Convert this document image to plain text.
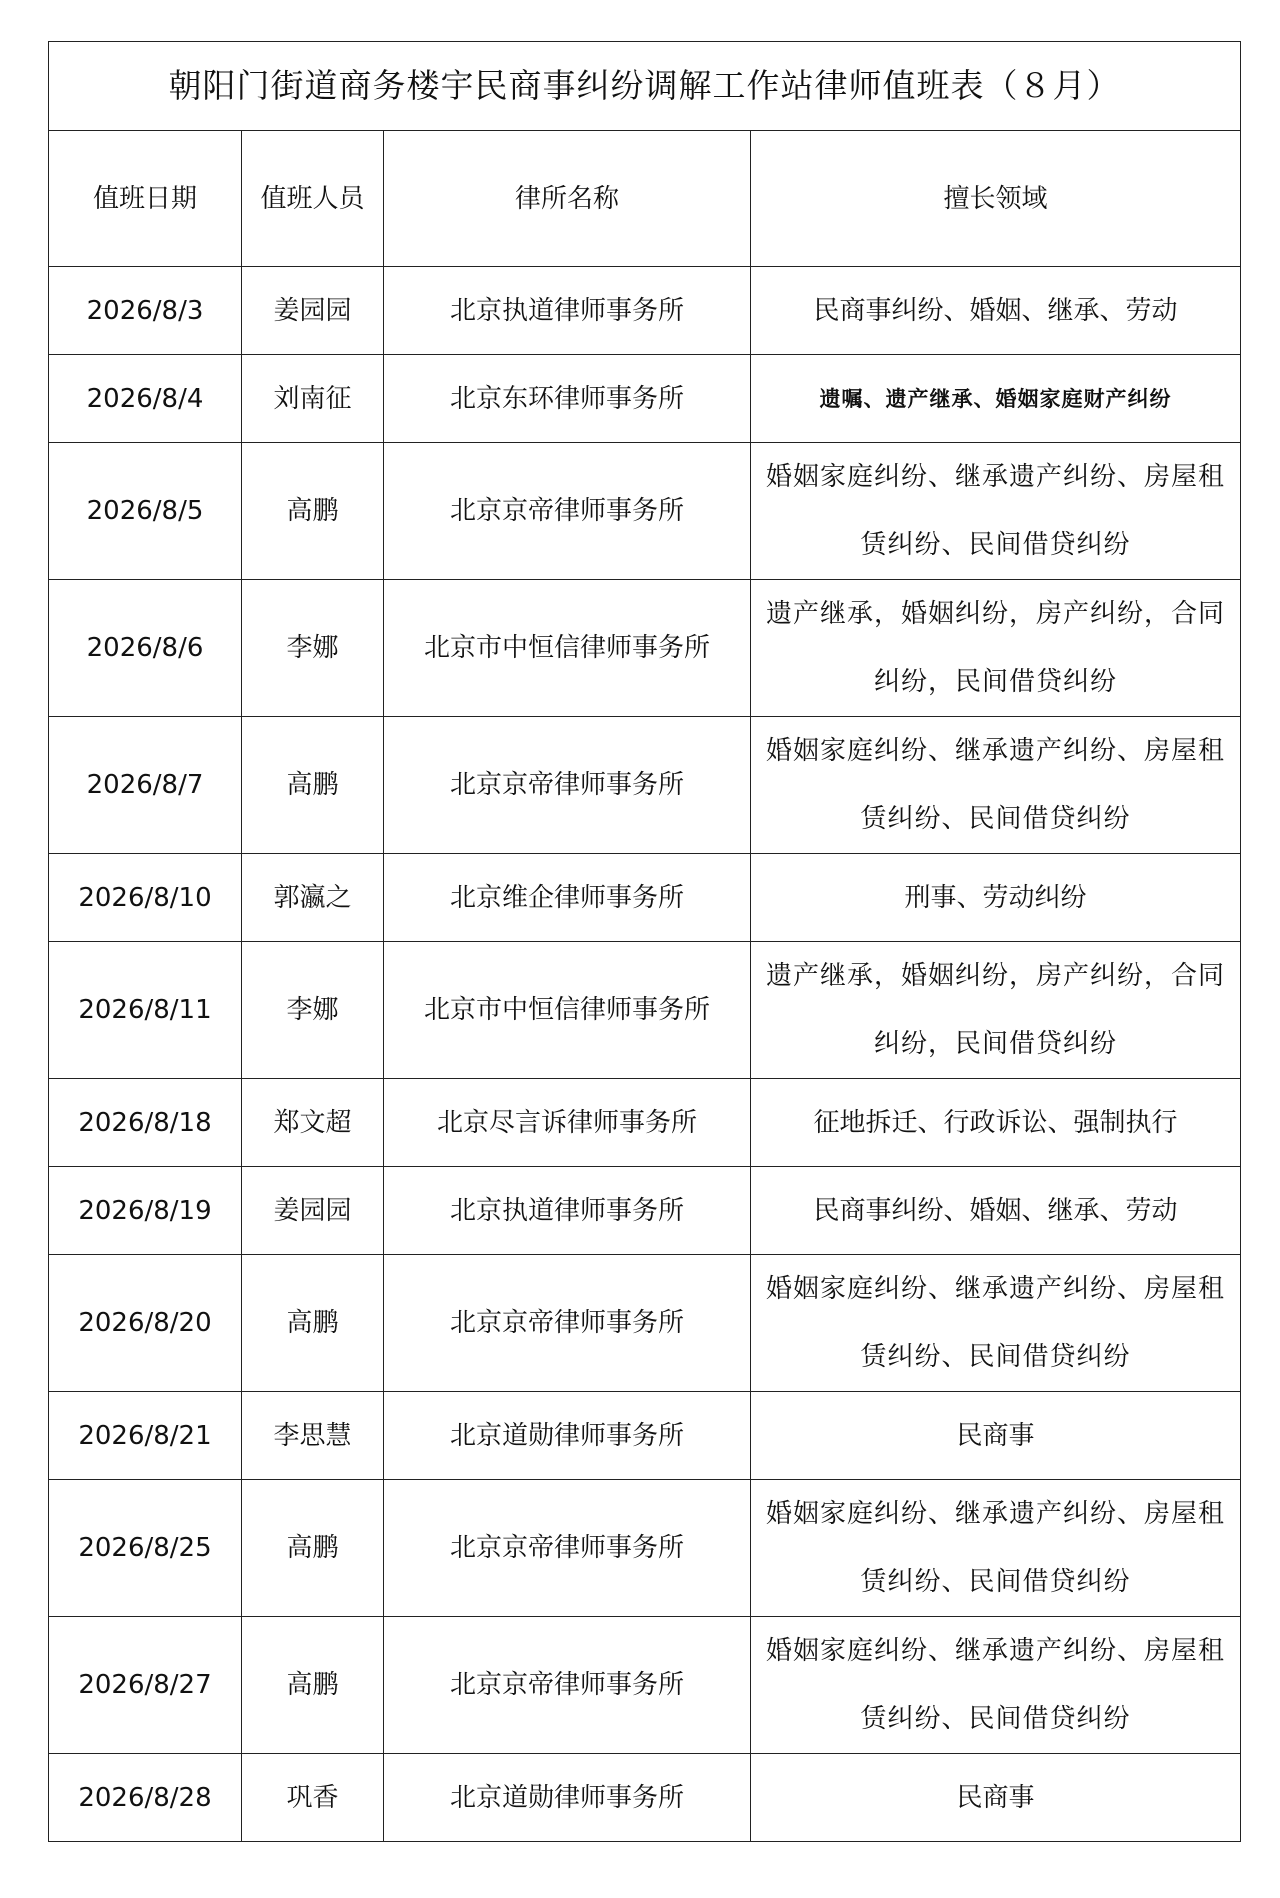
朝阳门街道商务楼宇民商事纠纷调解工作站律师值班表（８月）			
值班日期	值班人员	律所名称	擅长领域
2026/8/3	姜园园	北京执道律师事务所	民商事纠纷、婚姻、继承、劳动
2026/8/4	刘南征	北京东环律师事务所	遗嘱、遗产继承、婚姻家庭财产纠纷
2026/8/5	高鹏	北京京帝律师事务所	婚姻家庭纠纷、继承遗产纠纷、房屋租赁纠纷、民间借贷纠纷
2026/8/6	李娜	北京市中恒信律师事务所	遗产继承，婚姻纠纷，房产纠纷，合同纠纷，民间借贷纠纷
2026/8/7	高鹏	北京京帝律师事务所	婚姻家庭纠纷、继承遗产纠纷、房屋租赁纠纷、民间借贷纠纷
2026/8/10	郭瀛之	北京维企律师事务所	刑事、劳动纠纷
2026/8/11	李娜	北京市中恒信律师事务所	遗产继承，婚姻纠纷，房产纠纷，合同纠纷，民间借贷纠纷
2026/8/18	郑文超	北京尽言诉律师事务所	征地拆迁、行政诉讼、强制执行
2026/8/19	姜园园	北京执道律师事务所	民商事纠纷、婚姻、继承、劳动
2026/8/20	高鹏	北京京帝律师事务所	婚姻家庭纠纷、继承遗产纠纷、房屋租赁纠纷、民间借贷纠纷
2026/8/21	李思慧	北京道勋律师事务所	民商事
2026/8/25	高鹏	北京京帝律师事务所	婚姻家庭纠纷、继承遗产纠纷、房屋租赁纠纷、民间借贷纠纷
2026/8/27	高鹏	北京京帝律师事务所	婚姻家庭纠纷、继承遗产纠纷、房屋租赁纠纷、民间借贷纠纷
2026/8/28	巩香	北京道勋律师事务所	民商事
